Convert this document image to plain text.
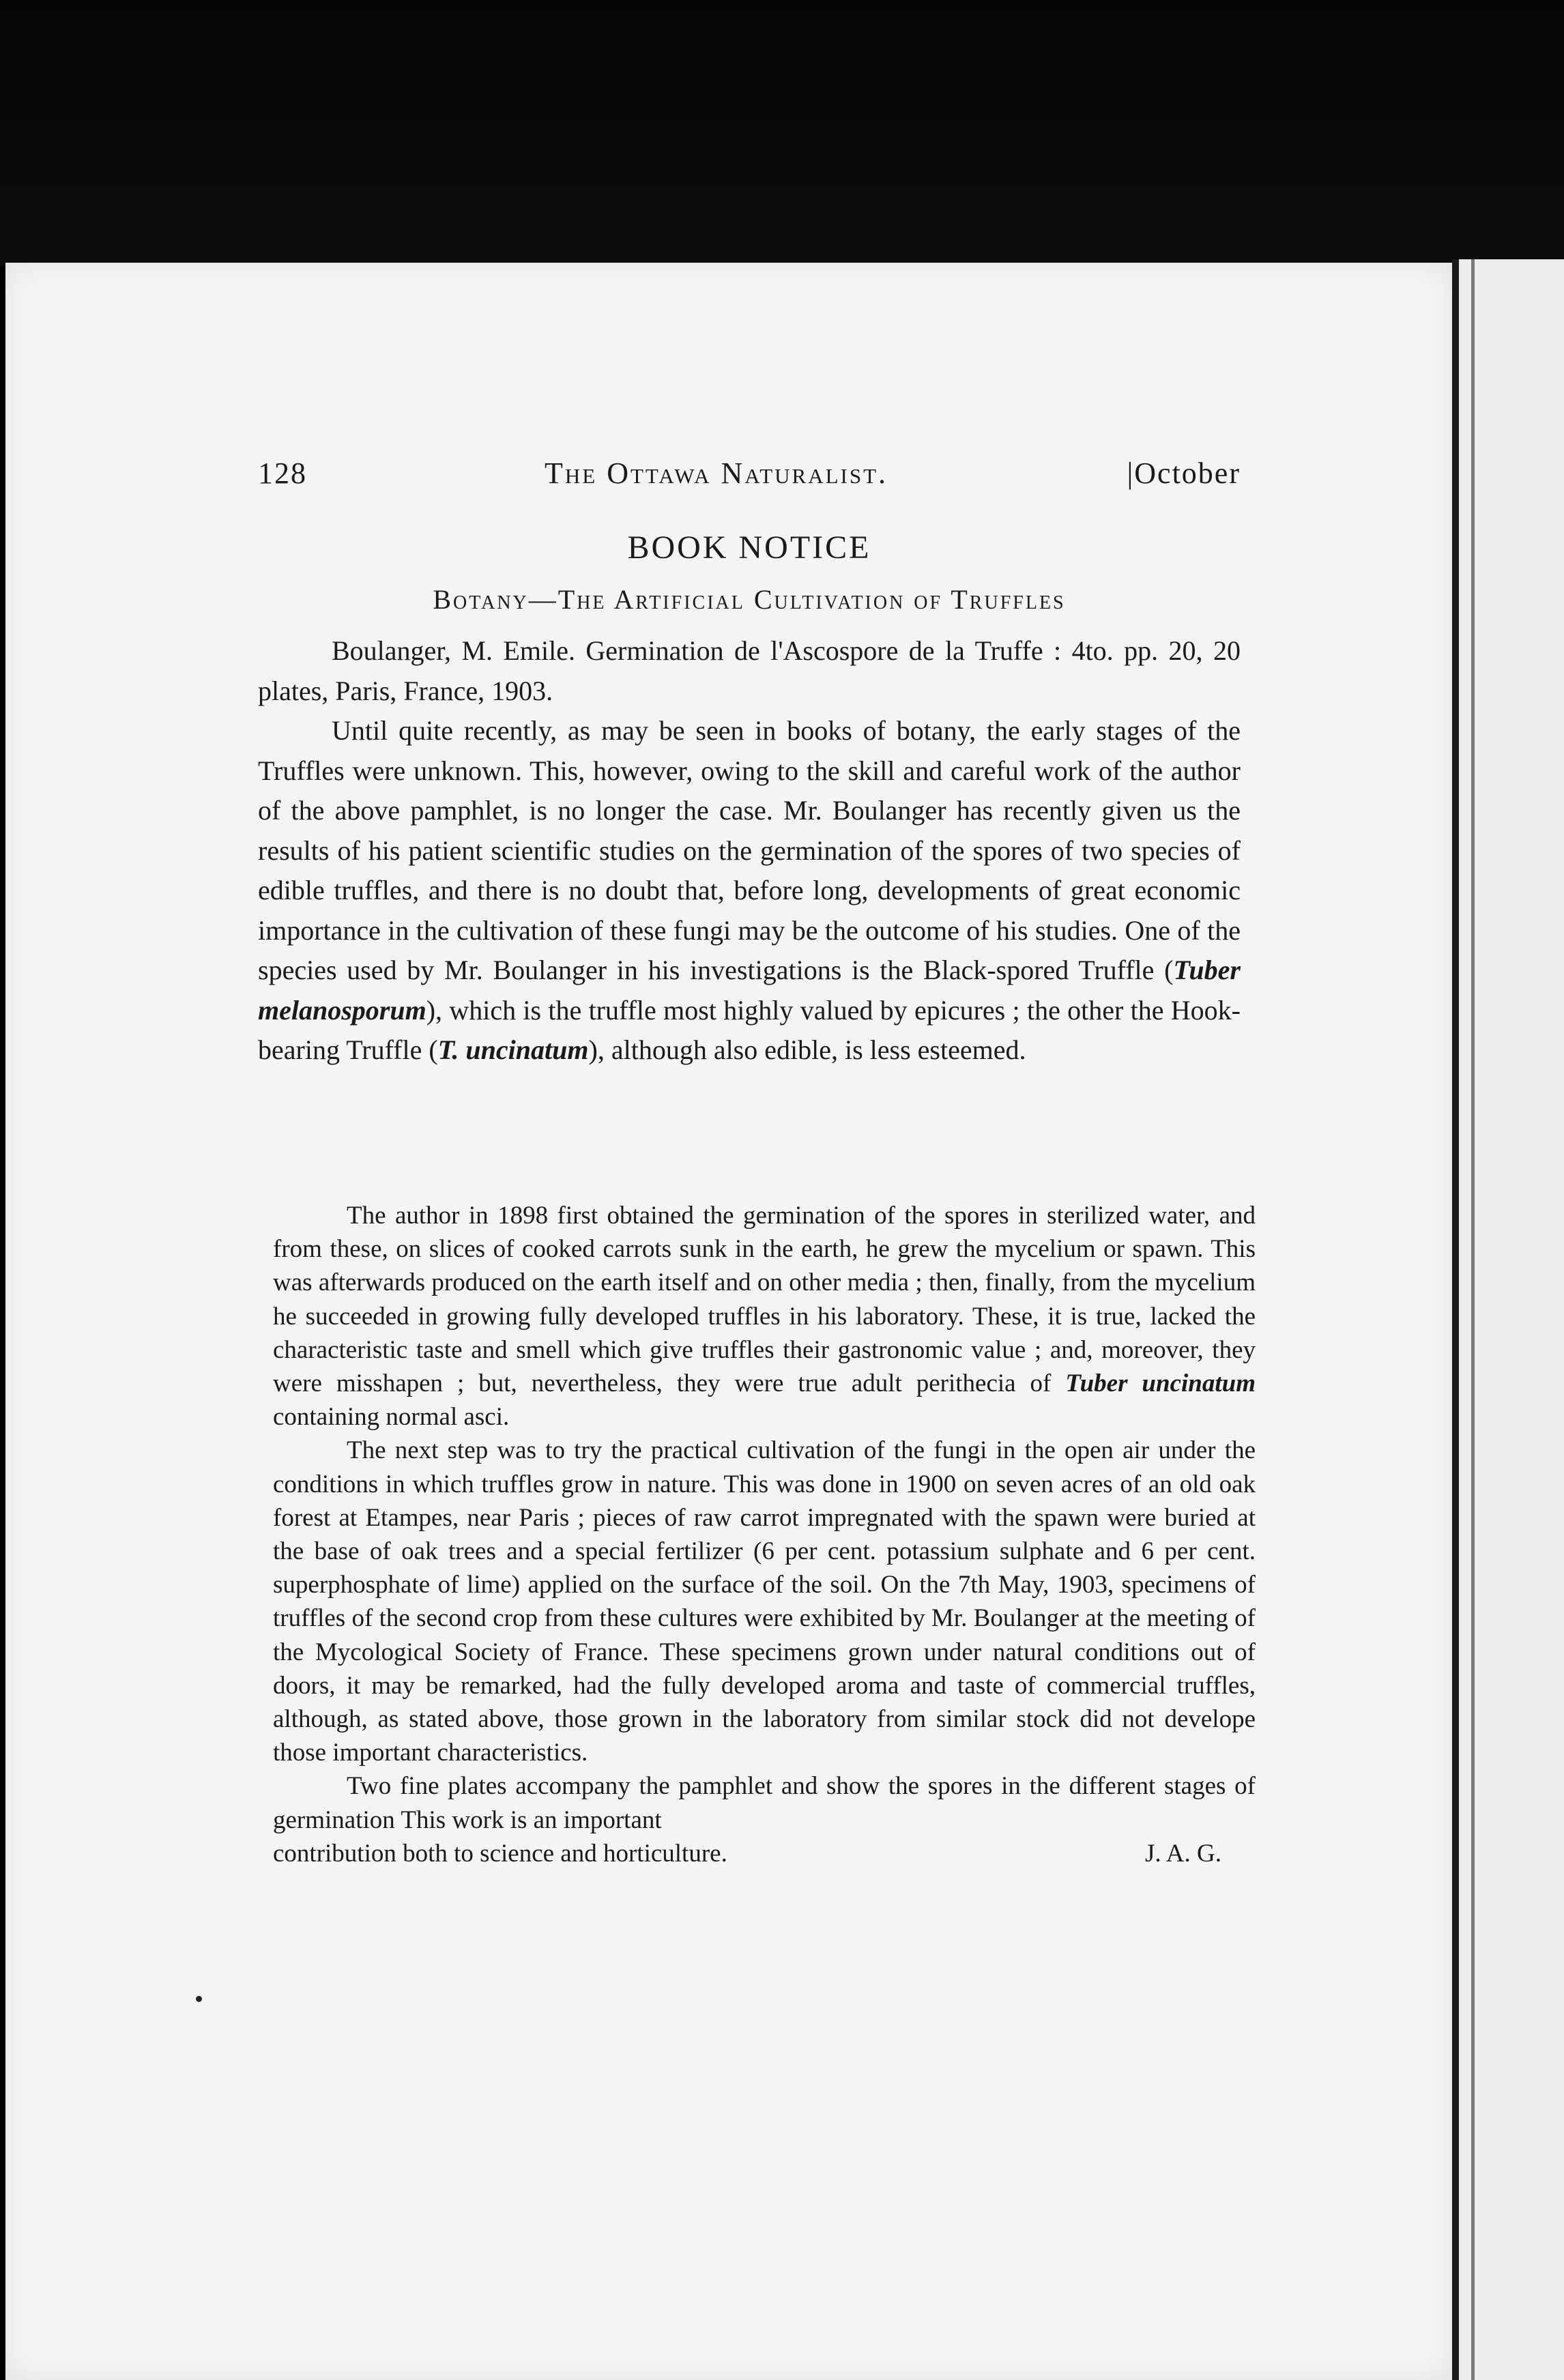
128	The Ottawa Naturalist.	|October
BOOK NOTICE
Botany—The Artificial Cultivation of Truffles

Boulanger, M. Emile. Germination de l'Ascospore de la Truffe : 4to. pp. 20, 20 plates, Paris, France, 1903.

Until quite recently, as may be seen in books of botany, the early stages of the Truffles were unknown. This, however, owing to the skill and careful work of the author of the above pamphlet, is no longer the case. Mr. Boulanger has recently given us the results of his patient scientific studies on the germination of the spores of two species of edible truffles, and there is no doubt that, before long, developments of great economic importance in the cultivation of these fungi may be the outcome of his studies. One of the species used by Mr. Boulanger in his investigations is the Black-spored Truffle (Tuber melanosporum), which is the truffle most highly valued by epicures ; the other the Hook-bearing Truffle (T. uncinatum), although also edible, is less esteemed.

The author in 1898 first obtained the germination of the spores in sterilized water, and from these, on slices of cooked carrots sunk in the earth, he grew the mycelium or spawn. This was afterwards produced on the earth itself and on other media ; then, finally, from the mycelium he succeeded in growing fully developed truffles in his laboratory. These, it is true, lacked the characteristic taste and smell which give truffles their gastronomic value ; and, moreover, they were misshapen ; but, nevertheless, they were true adult perithecia of Tuber uncinatum containing normal asci.

The next step was to try the practical cultivation of the fungi in the open air under the conditions in which truffles grow in nature. This was done in 1900 on seven acres of an old oak forest at Etampes, near Paris ; pieces of raw carrot impregnated with the spawn were buried at the base of oak trees and a special fertilizer (6 per cent. potassium sulphate and 6 per cent. superphosphate of lime) applied on the surface of the soil. On the 7th May, 1903, specimens of truffles of the second crop from these cultures were exhibited by Mr. Boulanger at the meeting of the Mycological Society of France. These specimens grown under natural conditions out of doors, it may be remarked, had the fully developed aroma and taste of commercial truffles, although, as stated above, those grown in the laboratory from similar stock did not develope those important characteristics.

Two fine plates accompany the pamphlet and show the spores in the different stages of germination This work is an important

contribution both to science and horticulture.	J. A. G.
